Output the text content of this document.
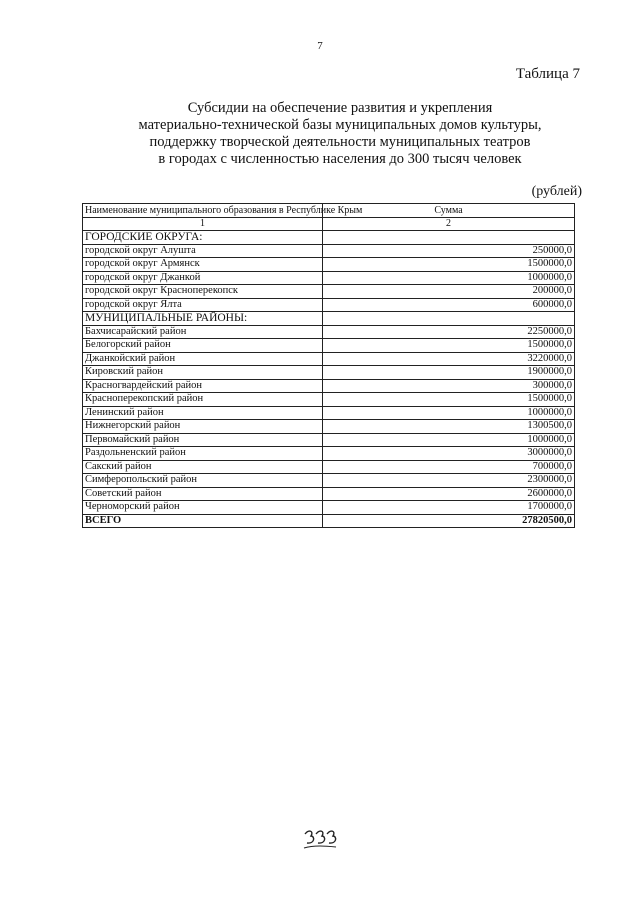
7
Таблица 7
Субсидии на обеспечение развития и укрепления
материально-технической базы муниципальных домов культуры,
поддержку творческой деятельности муниципальных театров
в городах с численностью населения до 300 тысяч человек
(рублей)
Наименование муниципального образования в Республике Крым	Сумма
1	2
ГОРОДСКИЕ ОКРУГА:	
городской округ Алушта	250000,0
городской округ Армянск	1500000,0
городской округ Джанкой	1000000,0
городской округ Красноперекопск	200000,0
городской округ Ялта	600000,0
МУНИЦИПАЛЬНЫЕ РАЙОНЫ:	
Бахчисарайский район	2250000,0
Белогорский район	1500000,0
Джанкойский район	3220000,0
Кировский район	1900000,0
Красногвардейский район	300000,0
Красноперекопский район	1500000,0
Ленинский район	1000000,0
Нижнегорский район	1300500,0
Первомайский район	1000000,0
Раздольненский район	3000000,0
Сакский район	700000,0
Симферопольский район	2300000,0
Советский район	2600000,0
Черноморский район	1700000,0
ВСЕГО	27820500,0
